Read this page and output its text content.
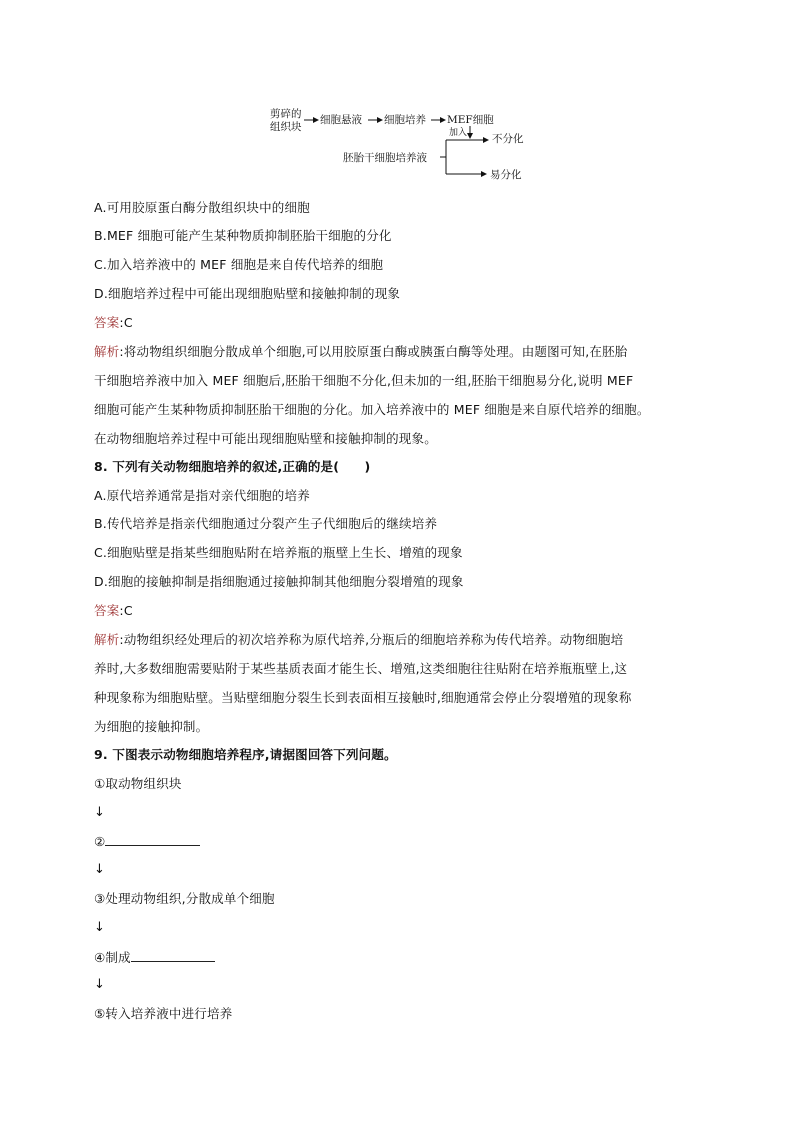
剪碎的
组织块
细胞悬液 细胞培养 MEF细胞
加入 不分化
胚胎干细胞培养液
易分化
A.可用胶原蛋白酶分散组织块中的细胞
B.MEF 细胞可能产生某种物质抑制胚胎干细胞的分化
C.加入培养液中的 MEF 细胞是来自传代培养的细胞
D.细胞培养过程中可能出现细胞贴壁和接触抑制的现象
答案:C
解析:将动物组织细胞分散成单个细胞,可以用胶原蛋白酶或胰蛋白酶等处理。由题图可知,在胚胎
干细胞培养液中加入 MEF 细胞后,胚胎干细胞不分化,但未加的一组,胚胎干细胞易分化,说明 MEF
细胞可能产生某种物质抑制胚胎干细胞的分化。加入培养液中的 MEF 细胞是来自原代培养的细胞。
在动物细胞培养过程中可能出现细胞贴壁和接触抑制的现象。
8. 下列有关动物细胞培养的叙述,正确的是(　　)
A.原代培养通常是指对亲代细胞的培养
B.传代培养是指亲代细胞通过分裂产生子代细胞后的继续培养
C.细胞贴壁是指某些细胞贴附在培养瓶的瓶壁上生长、增殖的现象
D.细胞的接触抑制是指细胞通过接触抑制其他细胞分裂增殖的现象
答案:C
解析:动物组织经处理后的初次培养称为原代培养,分瓶后的细胞培养称为传代培养。动物细胞培
养时,大多数细胞需要贴附于某些基质表面才能生长、增殖,这类细胞往往贴附在培养瓶瓶壁上,这
种现象称为细胞贴壁。当贴壁细胞分裂生长到表面相互接触时,细胞通常会停止分裂增殖的现象称
为细胞的接触抑制。
9. 下图表示动物细胞培养程序,请据图回答下列问题。
①取动物组织块
↓
②
↓
③处理动物组织,分散成单个细胞
↓
④制成
↓
⑤转入培养液中进行培养
